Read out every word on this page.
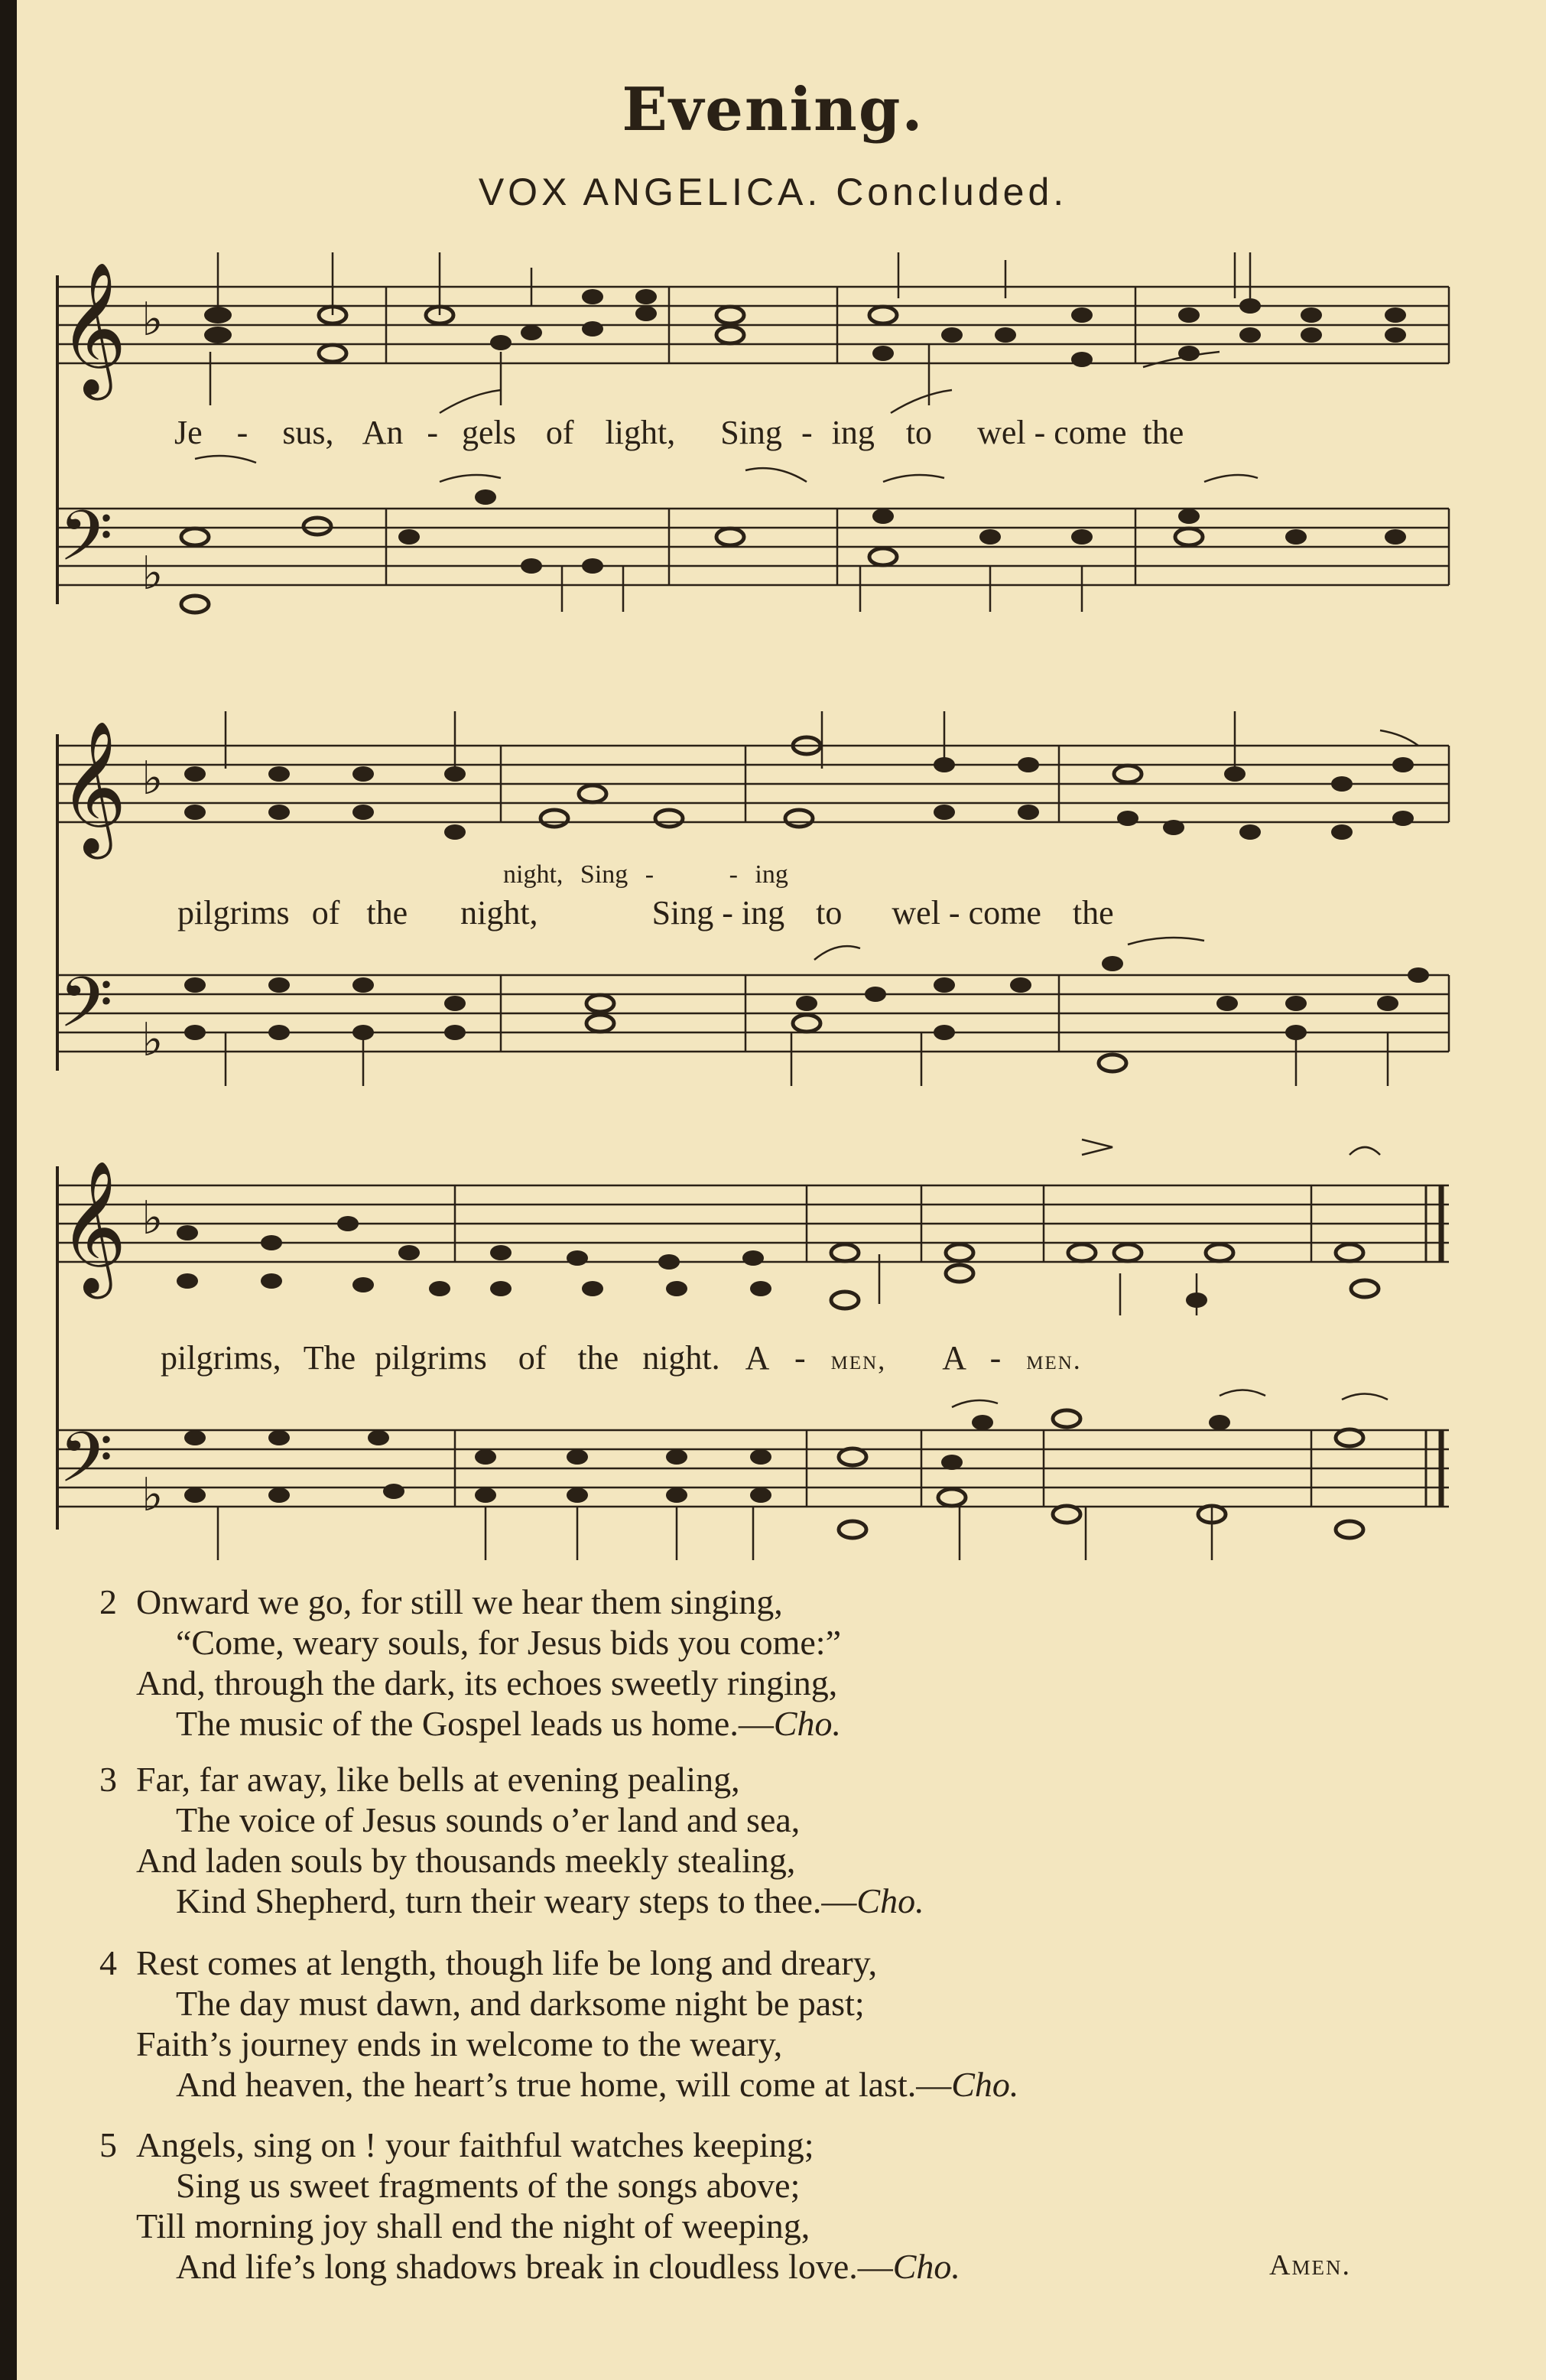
Evening.
VOX ANGELICA. Concluded.
𝄞 ♭
𝄢 ♭
Je - sus, An - gels of light, Sing - ing to wel - come the
𝄞 ♭
𝄢 ♭
night, Sing -	- ing
pilgrims of the night,	Sing - ing to wel - come the
𝄞 ♭
𝄢 ♭
pilgrims, The pilgrims of the night. A - men, A - men.
2 Onward we go, for still we hear them singing,
“Come, weary souls, for Jesus bids you come:”
And, through the dark, its echoes sweetly ringing,
The music of the Gospel leads us home.—Cho.
3 Far, far away, like bells at evening pealing,
The voice of Jesus sounds o’er land and sea,
And laden souls by thousands meekly stealing,
Kind Shepherd, turn their weary steps to thee.—Cho.
4 Rest comes at length, though life be long and dreary,
The day must dawn, and darksome night be past;
Faith’s journey ends in welcome to the weary,
And heaven, the heart’s true home, will come at last.—Cho.
5 Angels, sing on ! your faithful watches keeping;
Sing us sweet fragments of the songs above;
Till morning joy shall end the night of weeping,
And life’s long shadows break in cloudless love.—Cho.	Amen.
